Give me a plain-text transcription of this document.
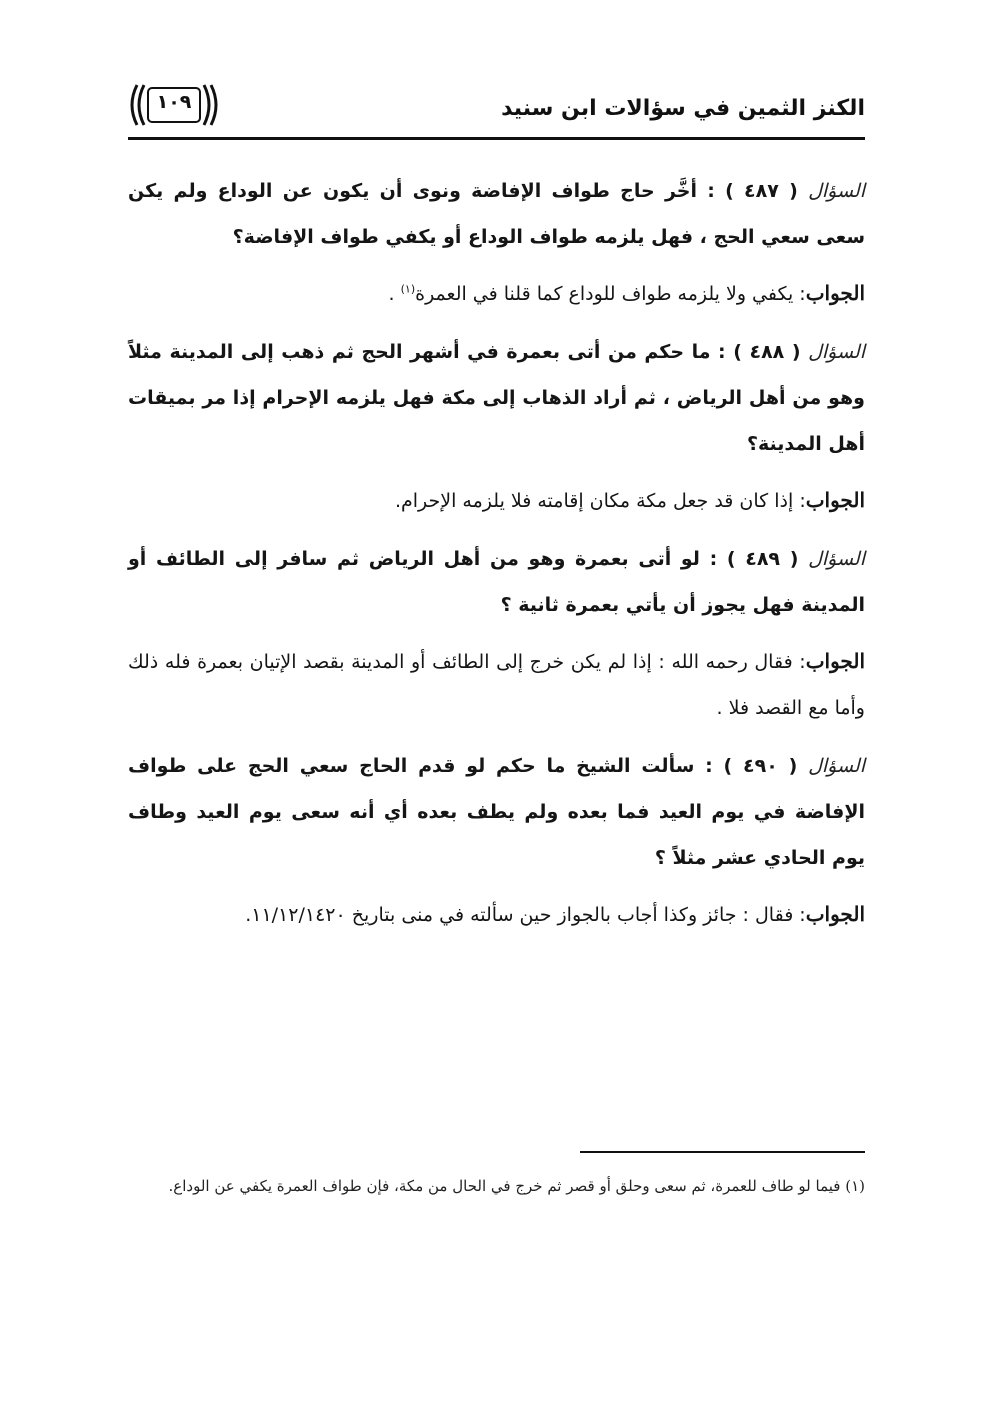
الكنز الثمين في سؤالات ابن سنيد
١٠٩

السؤال ( ٤٨٧ ) : أخَّر حاج طواف الإفاضة ونوى أن يكون عن الوداع ولم يكن سعى سعي الحج ، فهل يلزمه طواف الوداع أو يكفي طواف الإفاضة؟

الجواب: يكفي ولا يلزمه طواف للوداع كما قلنا في العمرة$^{(١)}$ .

السؤال ( ٤٨٨ ) : ما حكم من أتى بعمرة في أشهر الحج ثم ذهب إلى المدينة مثلاً وهو من أهل الرياض ، ثم أراد الذهاب إلى مكة فهل يلزمه الإحرام إذا مر بميقات أهل المدينة؟

الجواب: إذا كان قد جعل مكة مكان إقامته فلا يلزمه الإحرام.

السؤال ( ٤٨٩ ) : لو أتى بعمرة وهو من أهل الرياض ثم سافر إلى الطائف أو المدينة فهل يجوز أن يأتي بعمرة ثانية ؟

الجواب: فقال رحمه الله : إذا لم يكن خرج إلى الطائف أو المدينة بقصد الإتيان بعمرة فله ذلك وأما مع القصد فلا .

السؤال ( ٤٩٠ ) : سألت الشيخ ما حكم لو قدم الحاج سعي الحج على طواف الإفاضة في يوم العيد فما بعده ولم يطف بعده أي أنه سعى يوم العيد وطاف يوم الحادي عشر مثلاً ؟

الجواب: فقال : جائز وكذا أجاب بالجواز حين سألته في منى بتاريخ ١١/١٢/١٤٢٠.

(١) فيما لو طاف للعمرة، ثم سعى وحلق أو قصر ثم خرج في الحال من مكة، فإن طواف العمرة يكفي عن الوداع.
